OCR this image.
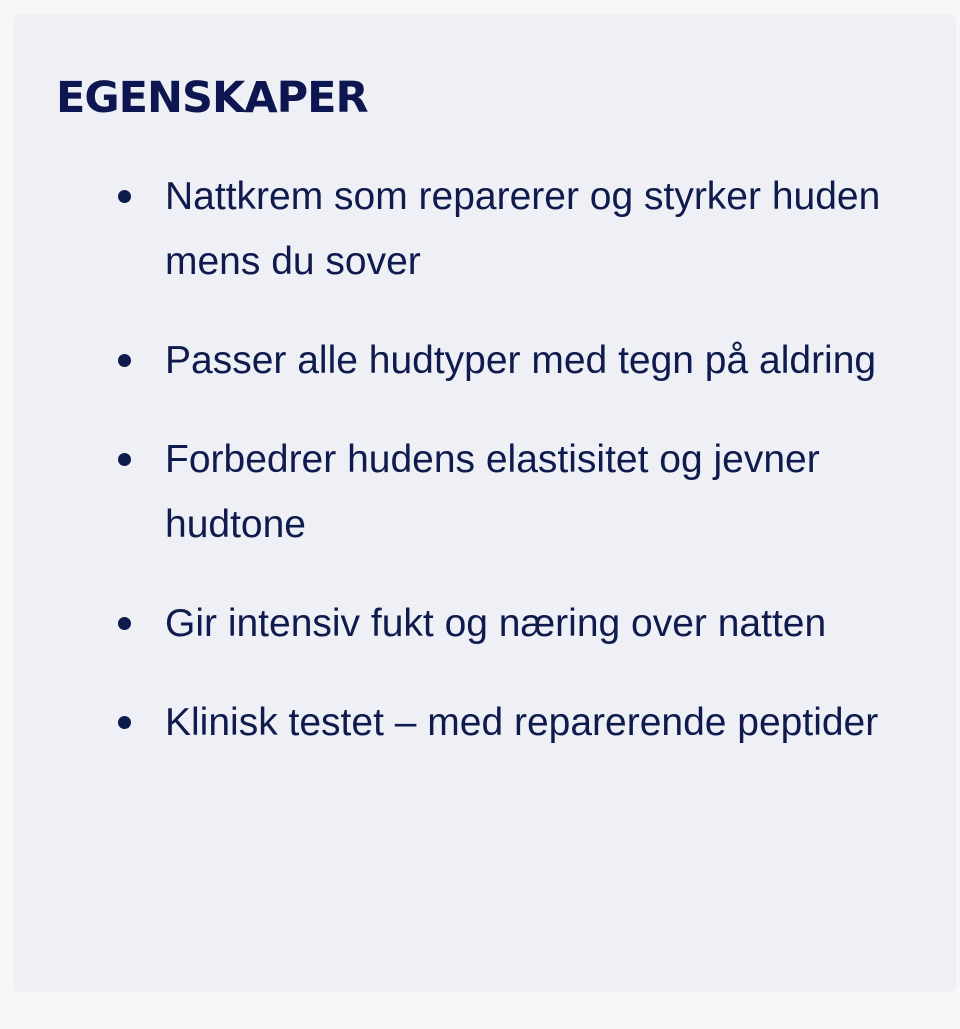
EGENSKAPER
Nattkrem som reparerer og styrker huden mens du sover
Passer alle hudtyper med tegn på aldring
Forbedrer hudens elastisitet og jevner hudtone
Gir intensiv fukt og næring over natten
Klinisk testet – med reparerende peptider
